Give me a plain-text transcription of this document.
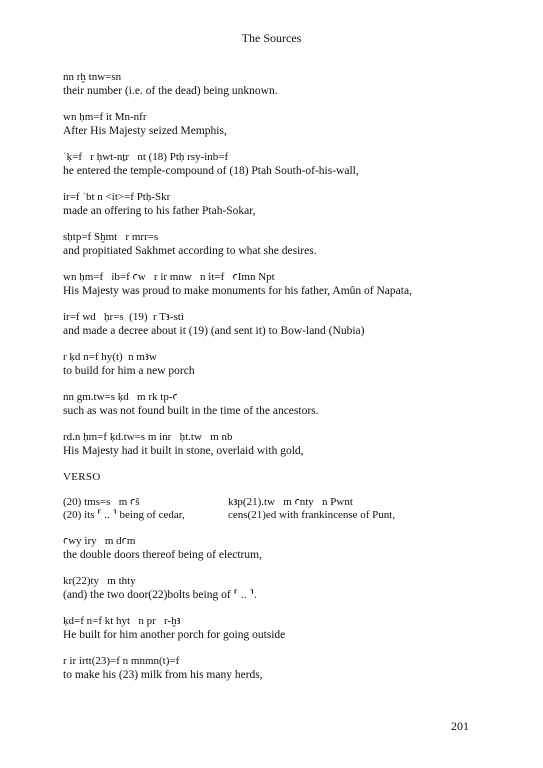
The Sources
nn rḫ tnw=sn
their number (i.e. of the dead) being unknown.
wn ḥm=f it Mn-nfr
After His Majesty seized Memphis,
ʿḳ=f   r ḥwt-nṯr   nt (18) Ptḥ rsy-inb=f
he entered the temple-compound of (18) Ptah South-of-his-wall,
ir=f ʿbt n <it>=f Ptḥ-Skr
made an offering to his father Ptah-Sokar,
sḥtp=f Sḫmt   r mrr=s
and propitiated Sakhmet according to what she desires.
wn ḥm=f   ib=f ꜥw   r ir mnw   n it=f   ꜥImn Npt
His Majesty was proud to make monuments for his father, Amûn of Napata,
ir=f wd   ḥr=s  (19)  r Tꜣ-sti
and made a decree about it (19) (and sent it) to Bow-land (Nubia)
r ḳd n=f hy(t)  n mꜣw
to build for him a new porch
nn gm.tw=s ḳd   m rk tp-ꜥ
such as was not found built in the time of the ancestors.
rd.n ḥm=f ḳd.tw=s m inr   ḥt.tw   m nb
His Majesty had it built in stone, overlaid with gold,
VERSO
(20) tms=s   m ꜥš	kꜣp(21).tw   m ꜥnty   n Pwnt
(20) its ⸢ .. ⸣ being of cedar,	cens(21)ed with frankincense of Punt,
ꜥwy iry   m dꜥm
the double doors thereof being of electrum,
kr(22)ty   m thty
(and) the two door(22)bolts being of ⸢ .. ⸣.
ḳd=f n=f kt hyt   n pr   r-ḫꜣ
He built for him another porch for going outside
r ir irtt(23)=f n mnmn(t)=f
to make his (23) milk from his many herds,
201
